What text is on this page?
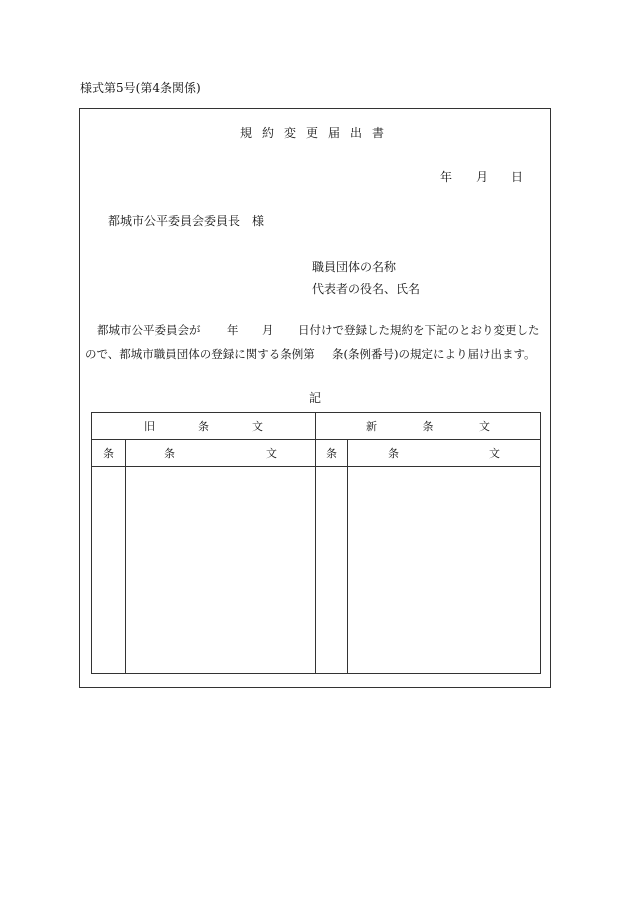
様式第5号(第4条関係)
規約変更届出書
年 月 日
都城市公平委員会委員長　様
職員団体の名称
代表者の役名、氏名
都城市公平委員会が 年 月 日付けで登録した規約を下記のとおり変更した
ので、都城市職員団体の登録に関する条例第 条(条例番号)の規定により届け出ます。
記
旧 条 文		新 条 文	

条	条 文	条	条 文
